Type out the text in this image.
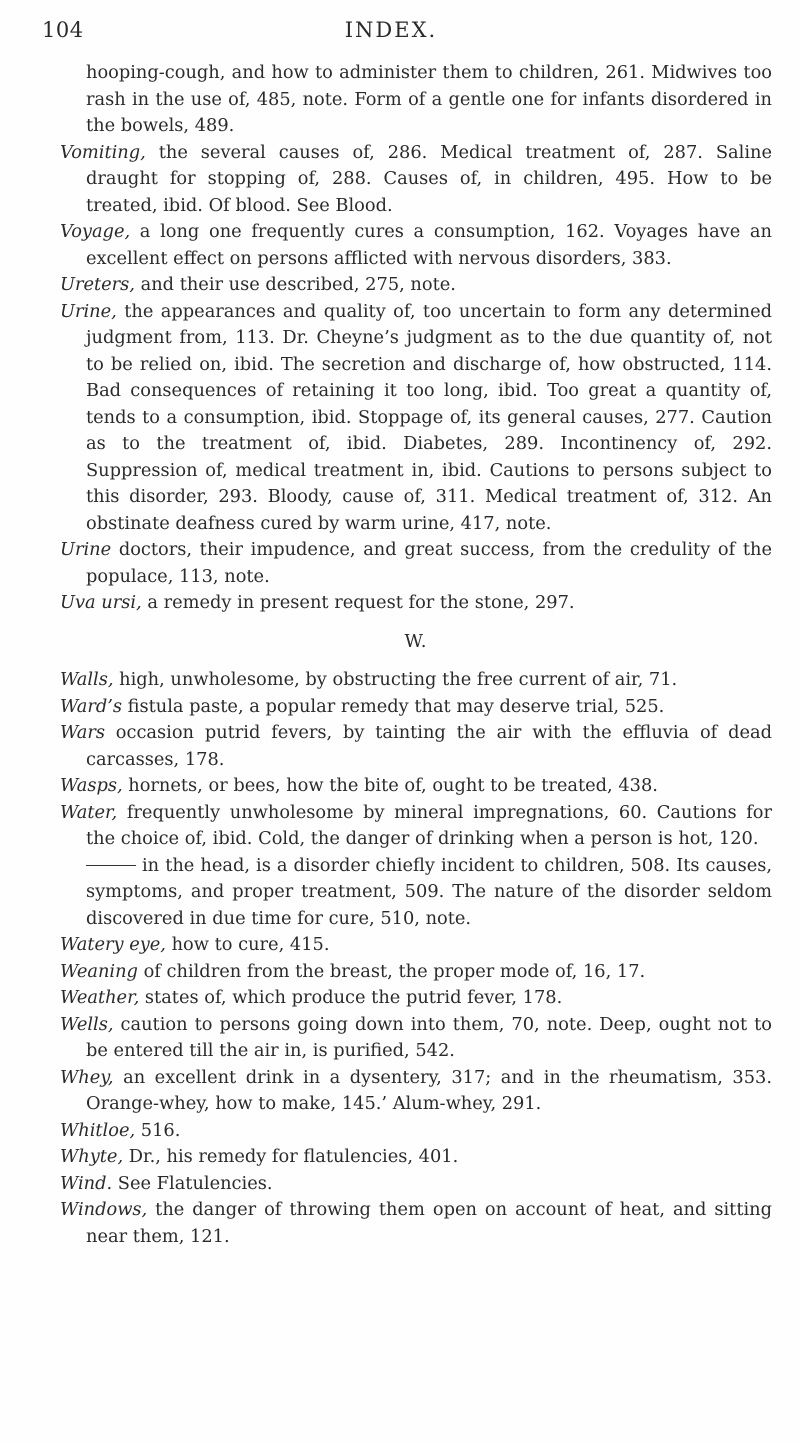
104	INDEX.

hooping-cough, and how to administer them to children, 261. Midwives too rash in the use of, 485, note. Form of a gentle one for infants disordered in the bowels, 489.

Vomiting, the several causes of, 286. Medical treatment of, 287. Saline draught for stopping of, 288. Causes of, in children, 495. How to be treated, ibid. Of blood. See Blood.

Voyage, a long one frequently cures a consumption, 162. Voyages have an excellent effect on persons afflicted with nervous disorders, 383.

Ureters, and their use described, 275, note.

Urine, the appearances and quality of, too uncertain to form any determined judgment from, 113. Dr. Cheyne’s judgment as to the due quantity of, not to be relied on, ibid. The secretion and discharge of, how obstructed, 114. Bad consequences of retaining it too long, ibid. Too great a quantity of, tends to a consumption, ibid. Stoppage of, its general causes, 277. Caution as to the treatment of, ibid. Diabetes, 289. Incontinency of, 292. Suppression of, medical treatment in, ibid. Cautions to persons subject to this disorder, 293. Bloody, cause of, 311. Medical treatment of, 312. An obstinate deafness cured by warm urine, 417, note.

Urine doctors, their impudence, and great success, from the credulity of the populace, 113, note.

Uva ursi, a remedy in present request for the stone, 297.

W.

Walls, high, unwholesome, by obstructing the free current of air, 71.

Ward’s fistula paste, a popular remedy that may deserve trial, 525.

Wars occasion putrid fevers, by tainting the air with the effluvia of dead carcasses, 178.

Wasps, hornets, or bees, how the bite of, ought to be treated, 438.

Water, frequently unwholesome by mineral impregnations, 60. Cautions for the choice of, ibid. Cold, the danger of drinking when a person is hot, 120.

in the head, is a disorder chiefly incident to children, 508. Its causes, symptoms, and proper treatment, 509. The nature of the disorder seldom discovered in due time for cure, 510, note.

Watery eye, how to cure, 415.

Weaning of children from the breast, the proper mode of, 16, 17.

Weather, states of, which produce the putrid fever, 178.

Wells, caution to persons going down into them, 70, note. Deep, ought not to be entered till the air in, is purified, 542.

Whey, an excellent drink in a dysentery, 317; and in the rheumatism, 353. Orange-whey, how to make, 145.’ Alum-whey, 291.

Whitloe, 516.

Whyte, Dr., his remedy for flatulencies, 401.

Wind. See Flatulencies.

Windows, the danger of throwing them open on account of heat, and sitting near them, 121.
